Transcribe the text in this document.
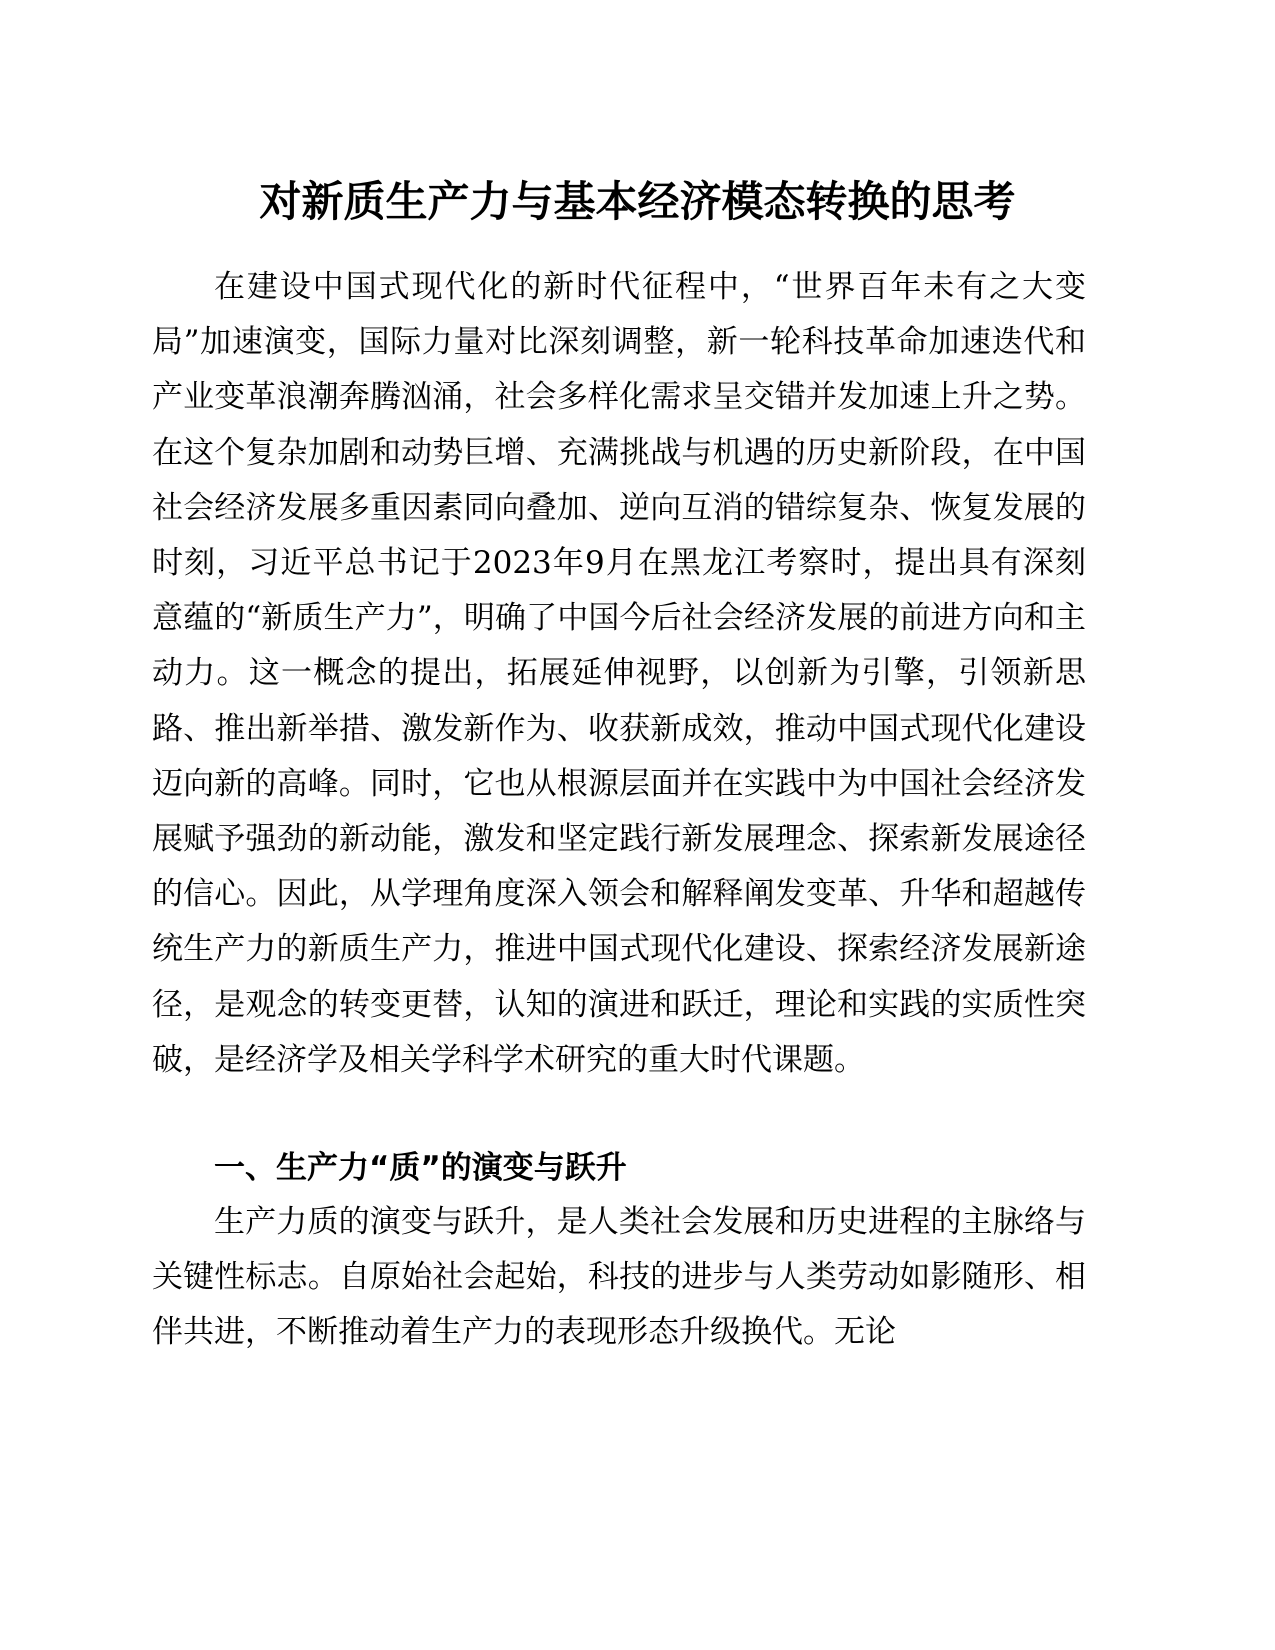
对新质生产力与基本经济模态转换的思考

在建设中国式现代化的新时代征程中，“世界百年未有之大变局”加速演变，国际力量对比深刻调整，新一轮科技革命加速迭代和产业变革浪潮奔腾汹涌，社会多样化需求呈交错并发加速上升之势。在这个复杂加剧和动势巨增、充满挑战与机遇的历史新阶段，在中国社会经济发展多重因素同向叠加、逆向互消的错综复杂、恢复发展的时刻，习近平总书记于2023年9月在黑龙江考察时，提出具有深刻意蕴的“新质生产力”，明确了中国今后社会经济发展的前进方向和主动力。这一概念的提出，拓展延伸视野，以创新为引擎，引领新思路、推出新举措、激发新作为、收获新成效，推动中国式现代化建设迈向新的高峰。同时，它也从根源层面并在实践中为中国社会经济发展赋予强劲的新动能，激发和坚定践行新发展理念、探索新发展途径的信心。因此，从学理角度深入领会和解释阐发变革、升华和超越传统生产力的新质生产力，推进中国式现代化建设、探索经济发展新途径，是观念的转变更替，认知的演进和跃迁，理论和实践的实质性突破，是经济学及相关学科学术研究的重大时代课题。

一、生产力“质”的演变与跃升

生产力质的演变与跃升，是人类社会发展和历史进程的主脉络与关键性标志。自原始社会起始，科技的进步与人类劳动如影随形、相伴共进，不断推动着生产力的表现形态升级换代。无论
